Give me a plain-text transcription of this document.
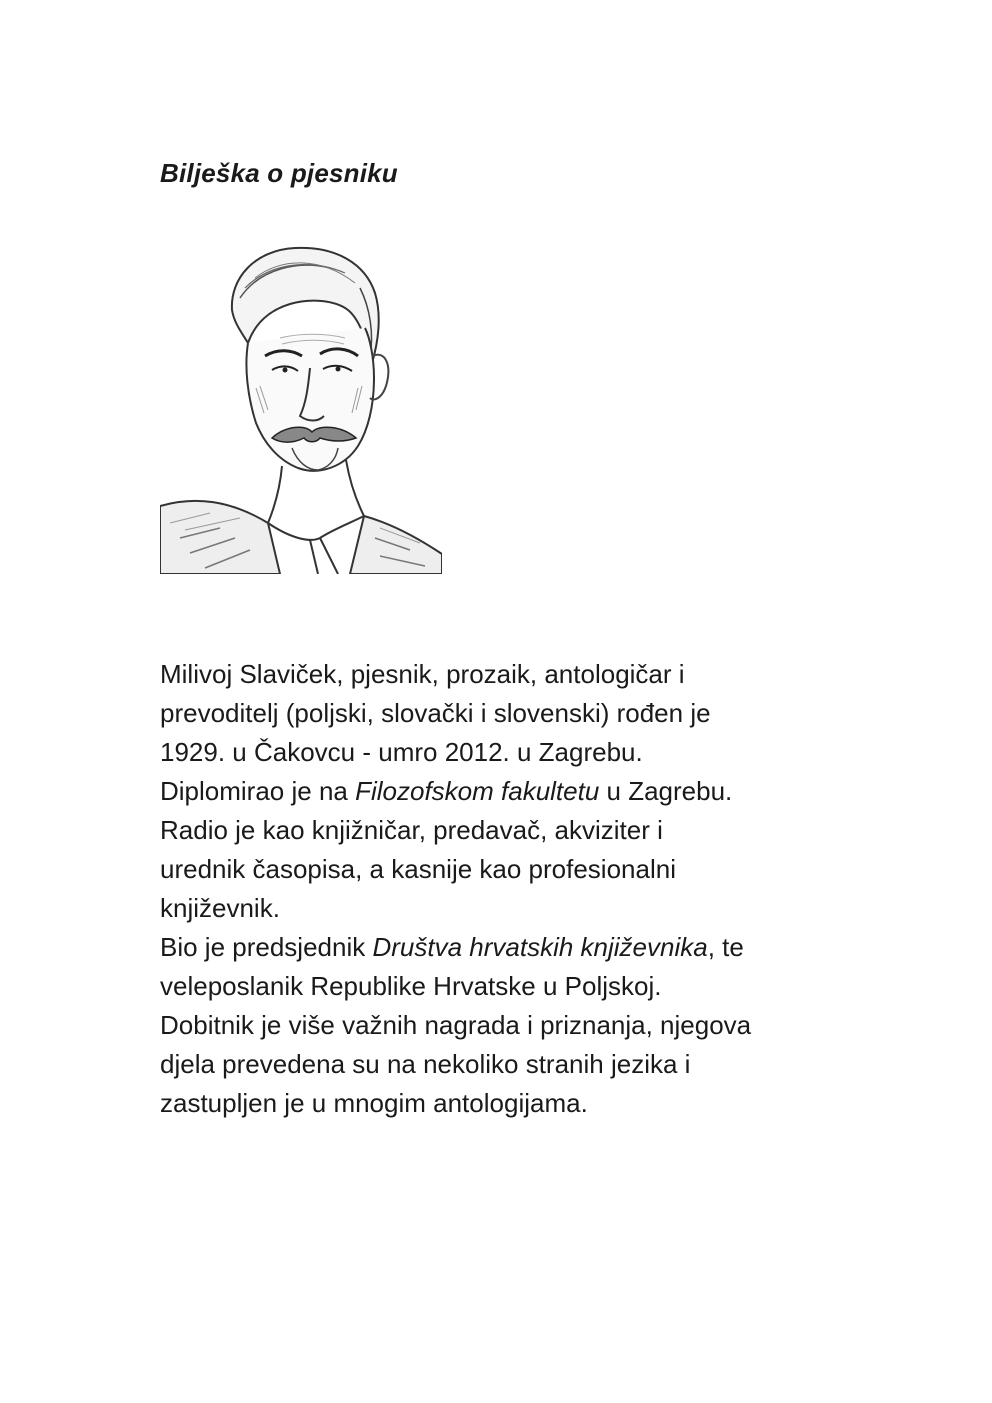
Bilješka o pjesniku

Milivoj Slaviček, pjesnik, prozaik, antologičar i
prevoditelj (poljski, slovački i slovenski) rođen je
1929. u Čakovcu - umro 2012. u Zagrebu.
Diplomirao je na Filozofskom fakultetu u Zagrebu.
Radio je kao knjižničar, predavač, akviziter i
urednik časopisa, a kasnije kao profesionalni
književnik.
Bio je predsjednik Društva hrvatskih književnika, te
veleposlanik Republike Hrvatske u Poljskoj.
Dobitnik je više važnih nagrada i priznanja, njegova
djela prevedena su na nekoliko stranih jezika i
zastupljen je u mnogim antologijama.
